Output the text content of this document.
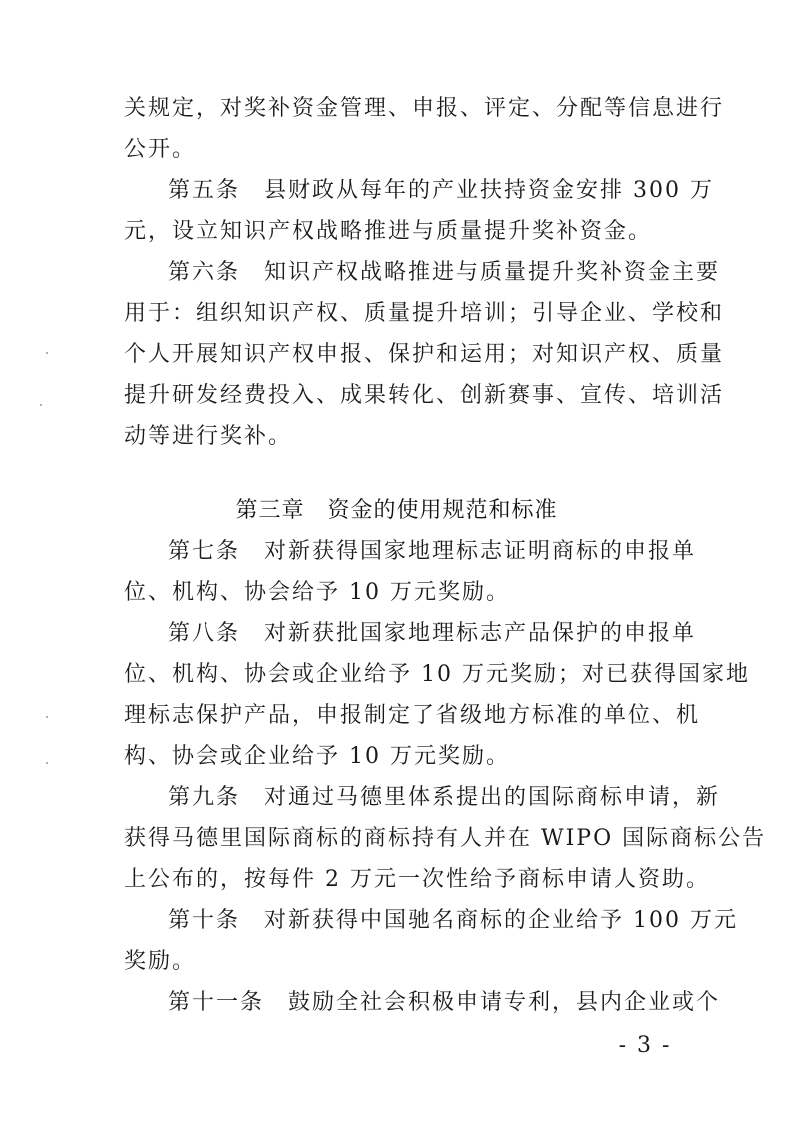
关规定，对奖补资金管理、申报、评定、分配等信息进行
公开。
第五条　县财政从每年的产业扶持资金安排 300 万
元，设立知识产权战略推进与质量提升奖补资金。
第六条　知识产权战略推进与质量提升奖补资金主要
用于：组织知识产权、质量提升培训；引导企业、学校和
个人开展知识产权申报、保护和运用；对知识产权、质量
提升研发经费投入、成果转化、创新赛事、宣传、培训活
动等进行奖补。
第三章　资金的使用规范和标准
第七条　对新获得国家地理标志证明商标的申报单
位、机构、协会给予 10 万元奖励。
第八条　对新获批国家地理标志产品保护的申报单
位、机构、协会或企业给予 10 万元奖励；对已获得国家地
理标志保护产品，申报制定了省级地方标准的单位、机
构、协会或企业给予 10 万元奖励。
第九条　对通过马德里体系提出的国际商标申请，新
获得马德里国际商标的商标持有人并在 WIPO 国际商标公告
上公布的，按每件 2 万元一次性给予商标申请人资助。
第十条　对新获得中国驰名商标的企业给予 100 万元
奖励。
第十一条　鼓励全社会积极申请专利，县内企业或个
- 3 -
